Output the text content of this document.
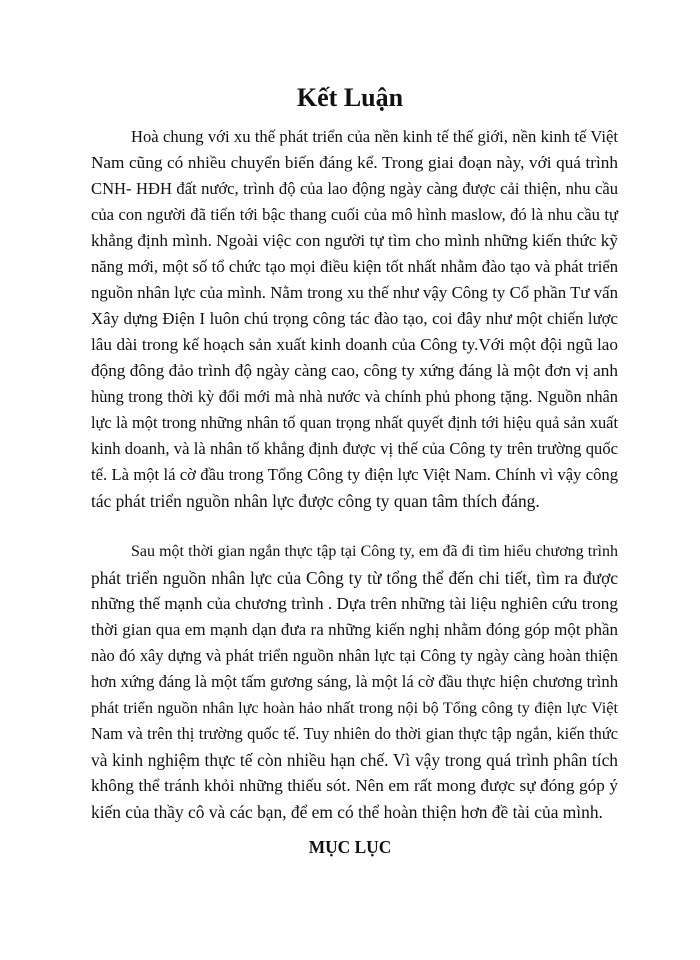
Kết Luận
Hoà chung với xu thế phát triển của nền kinh tế thế giới, nền kinh tế Việt
Nam cũng có nhiều chuyển biến đáng kể. Trong giai đoạn này, với quá trình
CNH- HĐH đất nước, trình độ của lao động ngày càng được cải thiện, nhu cầu
của con người đã tiến tới bậc thang cuối của mô hình maslow, đó là nhu cầu tự
khẳng định mình. Ngoài việc con người tự tìm cho mình những kiến thức kỹ
năng mới, một số tổ chức tạo mọi điều kiện tốt nhất nhằm đào tạo và phát triển
nguồn nhân lực của mình. Nằm trong xu thế như vậy Công ty Cổ phần Tư vấn
Xây dựng Điện I luôn chú trọng công tác đào tạo, coi đây như một chiến lược
lâu dài trong kế hoạch sản xuất kinh doanh của Công ty.Với một đội ngũ lao
động đông đảo trình độ ngày càng cao, công ty xứng đáng là một đơn vị anh
hùng trong thời kỳ đổi mới mà nhà nước và chính phủ phong tặng. Nguồn nhân
lực là một trong những nhân tố quan trọng nhất quyết định tới hiệu quả sản xuất
kinh doanh, và là nhân tố khẳng định được vị thế của Công ty trên trường quốc
tế. Là một lá cờ đầu trong Tổng Công ty điện lực Việt Nam. Chính vì vậy công
tác phát triển nguồn nhân lực được công ty quan tâm thích đáng.
Sau một thời gian ngắn thực tập tại Công ty, em đã đi tìm hiểu chương trình
phát triển nguồn nhân lực của Công ty từ tổng thể đến chi tiết, tìm ra được
những thế mạnh của chương trình . Dựa trên những tài liệu nghiên cứu trong
thời gian qua em mạnh dạn đưa ra những kiến nghị nhằm đóng góp một phần
nào đó xây dựng và phát triển nguồn nhân lực tại Công ty ngày càng hoàn thiện
hơn xứng đáng là một tấm gương sáng, là một lá cờ đầu thực hiện chương trình
phát triển nguồn nhân lực hoàn hảo nhất trong nội bộ Tổng công ty điện lực Việt
Nam và trên thị trường quốc tế. Tuy nhiên do thời gian thực tập ngắn, kiến thức
và kinh nghiệm thực tế còn nhiều hạn chế. Vì vậy trong quá trình phân tích
không thể tránh khỏi những thiếu sót. Nên em rất mong được sự đóng góp ý
kiến của thầy cô và các bạn, để em có thể hoàn thiện hơn đề tài của mình.
MỤC LỤC
